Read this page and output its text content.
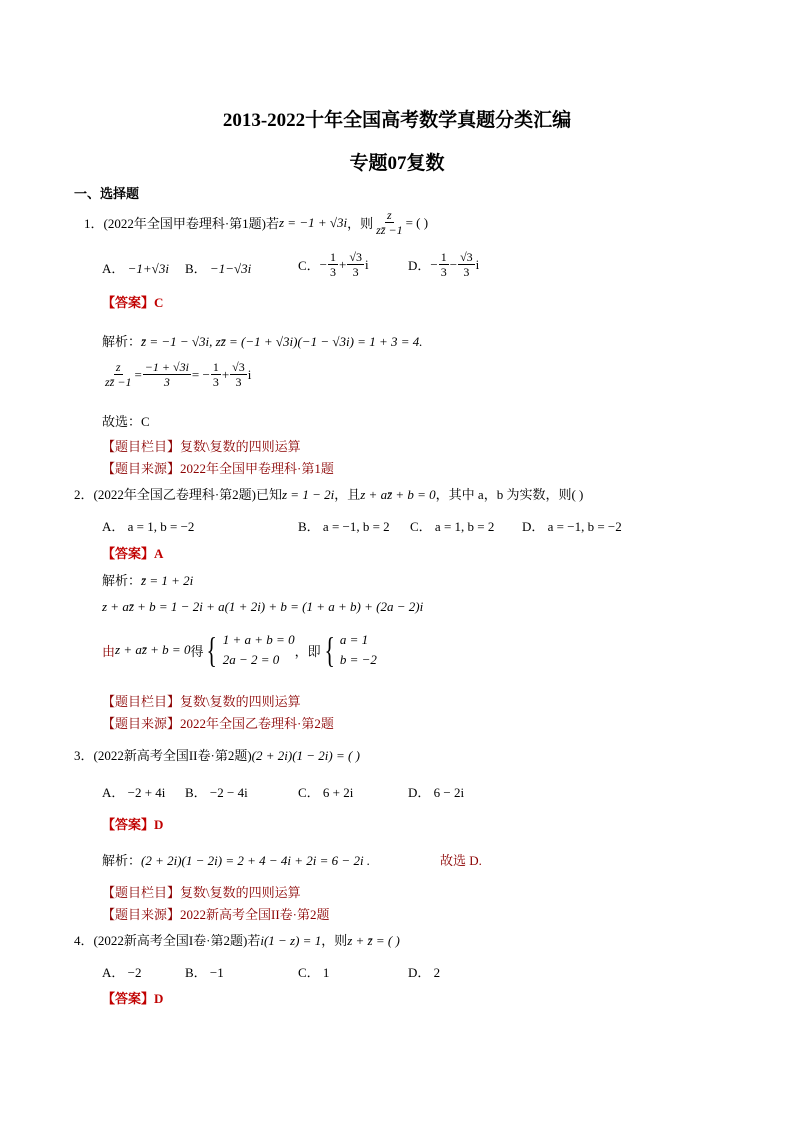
2013-2022十年全国高考数学真题分类汇编
专题07复数
一、选择题
1．(2022年全国甲卷理科·第1题)若 z = −1 + √3i ，则 $\frac{z}{zz̄ -1}$ = ( )
A． −1+√3i B． −1−√3i	C． − $\frac{1}{3} + \frac{√3}{3}$ i	D． − $\frac{1}{3} - \frac{√3}{3}$ i
【答案】C
解析：z̄ = −1 − √3i, zz̄ = (−1 + √3i)(−1 − √3i) = 1 + 3 = 4.
$\frac{z}{zz̄ -1} = \frac{-1 + √3i}{3}$ = − $\frac{1}{3} + \frac{√3}{3}$ i
故选：C
【题目栏目】复数\复数的四则运算
【题目来源】2022年全国甲卷理科·第1题
2．(2022年全国乙卷理科·第2题)已知z = 1 − 2i，且z + az̄ + b = 0，其中 a，b 为实数，则( )
A． a = 1, b = −2	B． a = −1, b = 2 C． a = 1, b = 2 D． a = −1, b = −2
【答案】A
解析：z̄ = 1 + 2i
z + az̄ + b = 1 − 2i + a(1 + 2i) + b = (1 + a + b) + (2a − 2)i
由 z + az̄ + b = 0 得 { 1 + a + b = 0
2a − 2 = 0
，即 { a = 1
b = −2
【题目栏目】复数\复数的四则运算
【题目来源】2022年全国乙卷理科·第2题
3．(2022新高考全国II卷·第2题)(2 + 2i)(1 − 2i) = ( )
A． −2 + 4i B． −2 − 4i	C． 6 + 2i	D． 6 − 2i
【答案】D
解析：(2 + 2i)(1 − 2i) = 2 + 4 − 4i + 2i = 6 − 2i .	故选 D.
【题目栏目】复数\复数的四则运算
【题目来源】2022新高考全国II卷·第2题
4．(2022新高考全国I卷·第2题)若i(1 − z) = 1，则z + z̄ = ( )
A． −2	B． −1	C． 1	D． 2
【答案】D
